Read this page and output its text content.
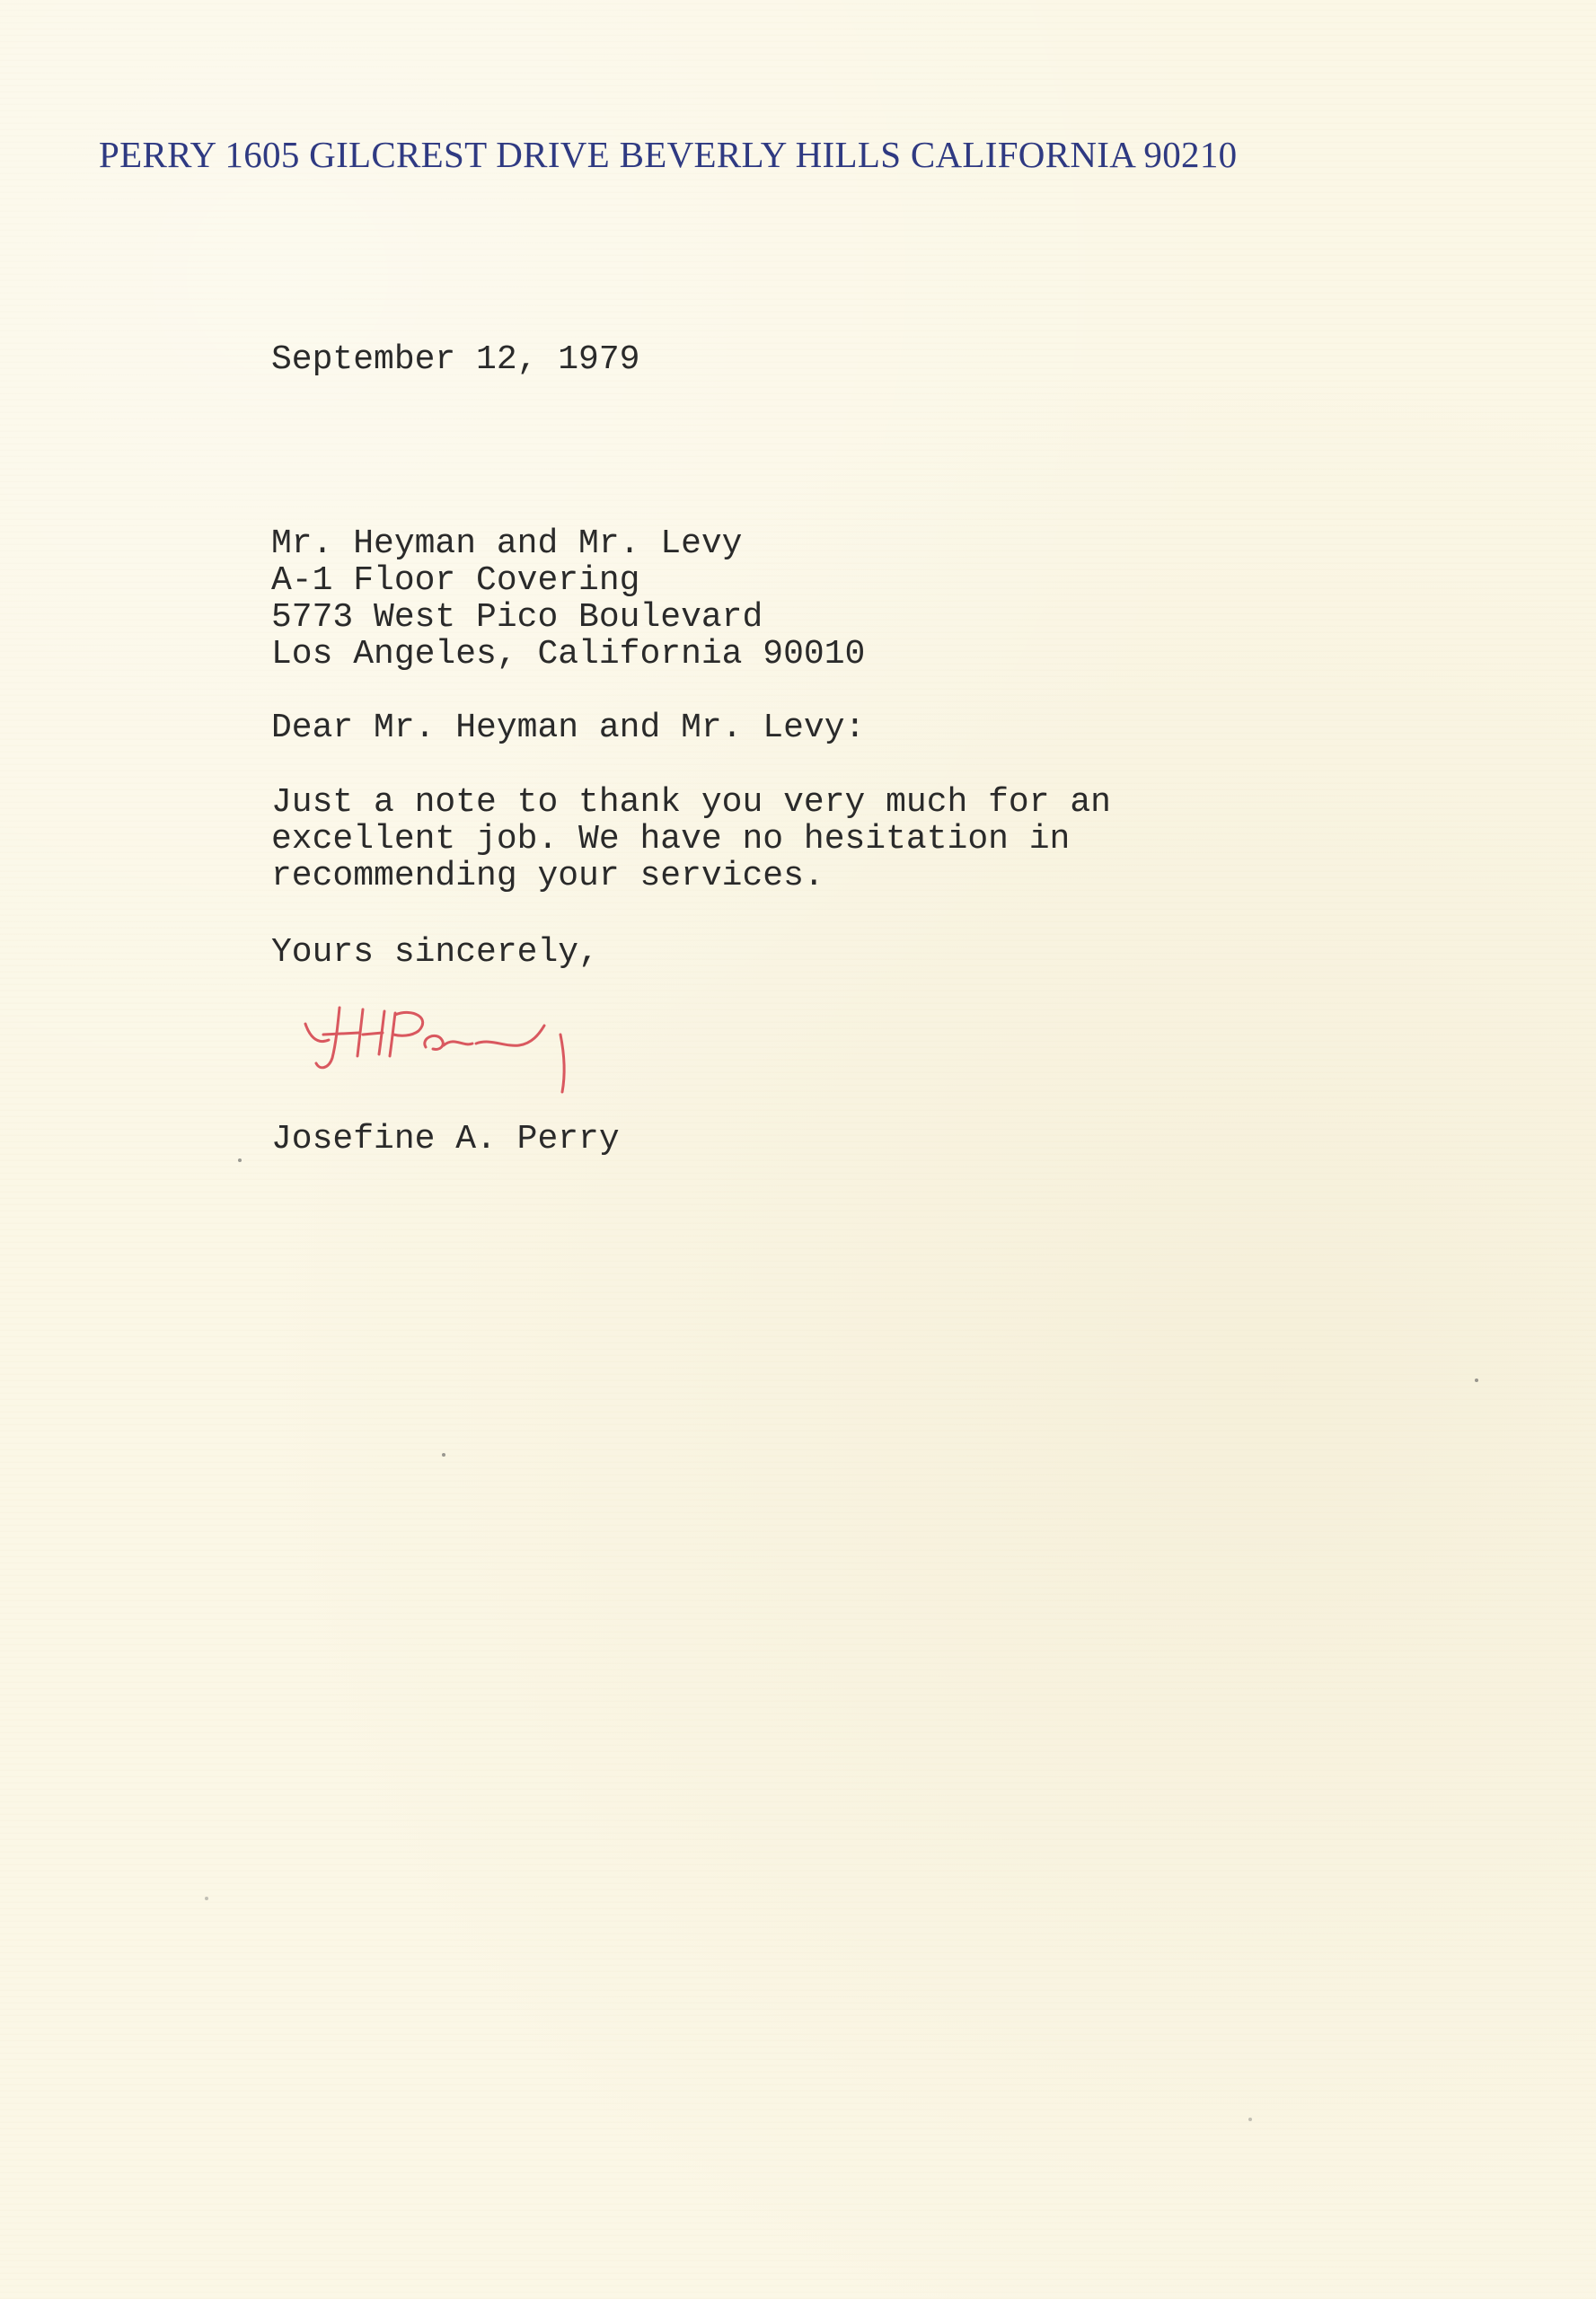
PERRY 1605 GILCREST DRIVE BEVERLY HILLS CALIFORNIA 90210
September 12, 1979
Mr. Heyman and Mr. Levy
A-1 Floor Covering
5773 West Pico Boulevard
Los Angeles, California 90010
Dear Mr. Heyman and Mr. Levy:
Just a note to thank you very much for an
excellent job. We have no hesitation in
recommending your services.
Yours sincerely,
Josefine A. Perry
